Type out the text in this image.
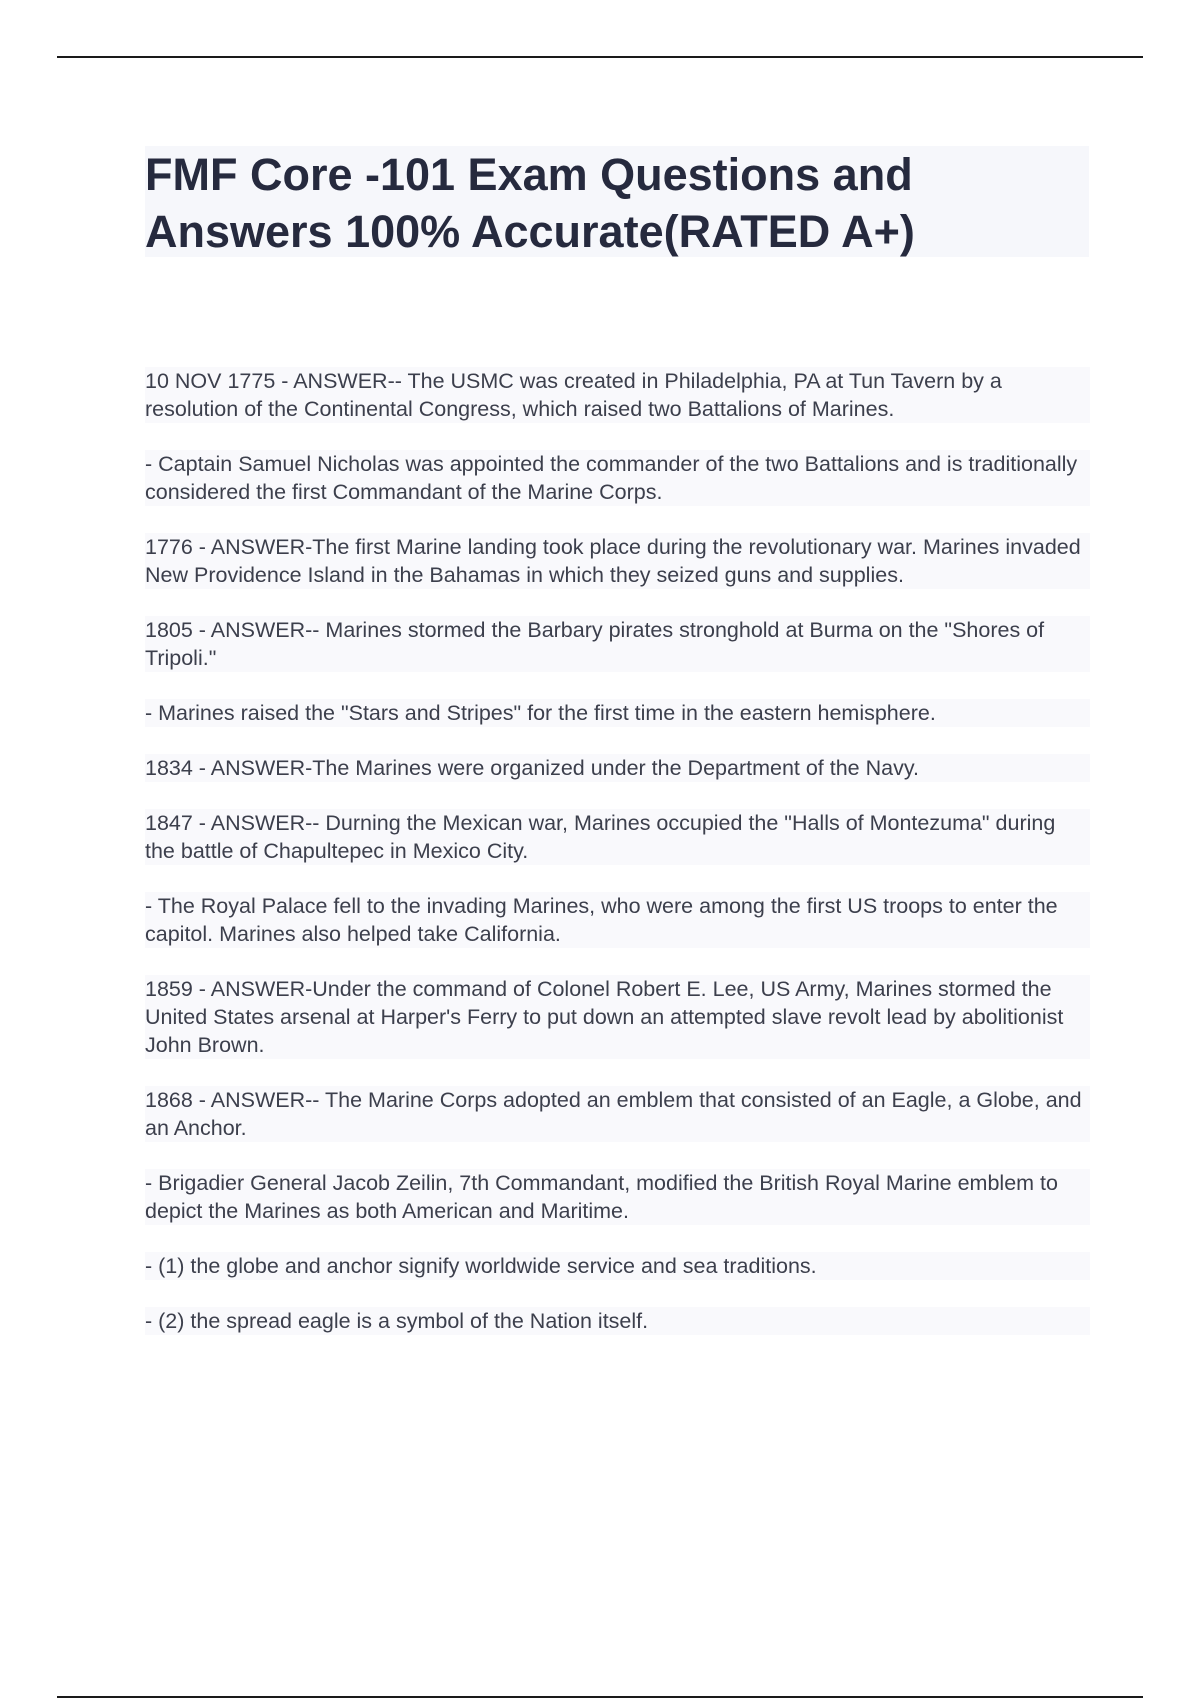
FMF Core -101 Exam Questions and Answers 100% Accurate(RATED A+)

10 NOV 1775 - ANSWER-- The USMC was created in Philadelphia, PA at Tun Tavern by a resolution of the Continental Congress, which raised two Battalions of Marines.

- Captain Samuel Nicholas was appointed the commander of the two Battalions and is traditionally considered the first Commandant of the Marine Corps.

1776 - ANSWER-The first Marine landing took place during the revolutionary war. Marines invaded New Providence Island in the Bahamas in which they seized guns and supplies.

1805 - ANSWER-- Marines stormed the Barbary pirates stronghold at Burma on the "Shores of Tripoli."

- Marines raised the "Stars and Stripes" for the first time in the eastern hemisphere.

1834 - ANSWER-The Marines were organized under the Department of the Navy.

1847 - ANSWER-- Durning the Mexican war, Marines occupied the "Halls of Montezuma" during the battle of Chapultepec in Mexico City.

- The Royal Palace fell to the invading Marines, who were among the first US troops to enter the capitol. Marines also helped take California.

1859 - ANSWER-Under the command of Colonel Robert E. Lee, US Army, Marines stormed the United States arsenal at Harper's Ferry to put down an attempted slave revolt lead by abolitionist John Brown.

1868 - ANSWER-- The Marine Corps adopted an emblem that consisted of an Eagle, a Globe, and an Anchor.

- Brigadier General Jacob Zeilin, 7th Commandant, modified the British Royal Marine emblem to depict the Marines as both American and Maritime.

- (1) the globe and anchor signify worldwide service and sea traditions.

- (2) the spread eagle is a symbol of the Nation itself.
